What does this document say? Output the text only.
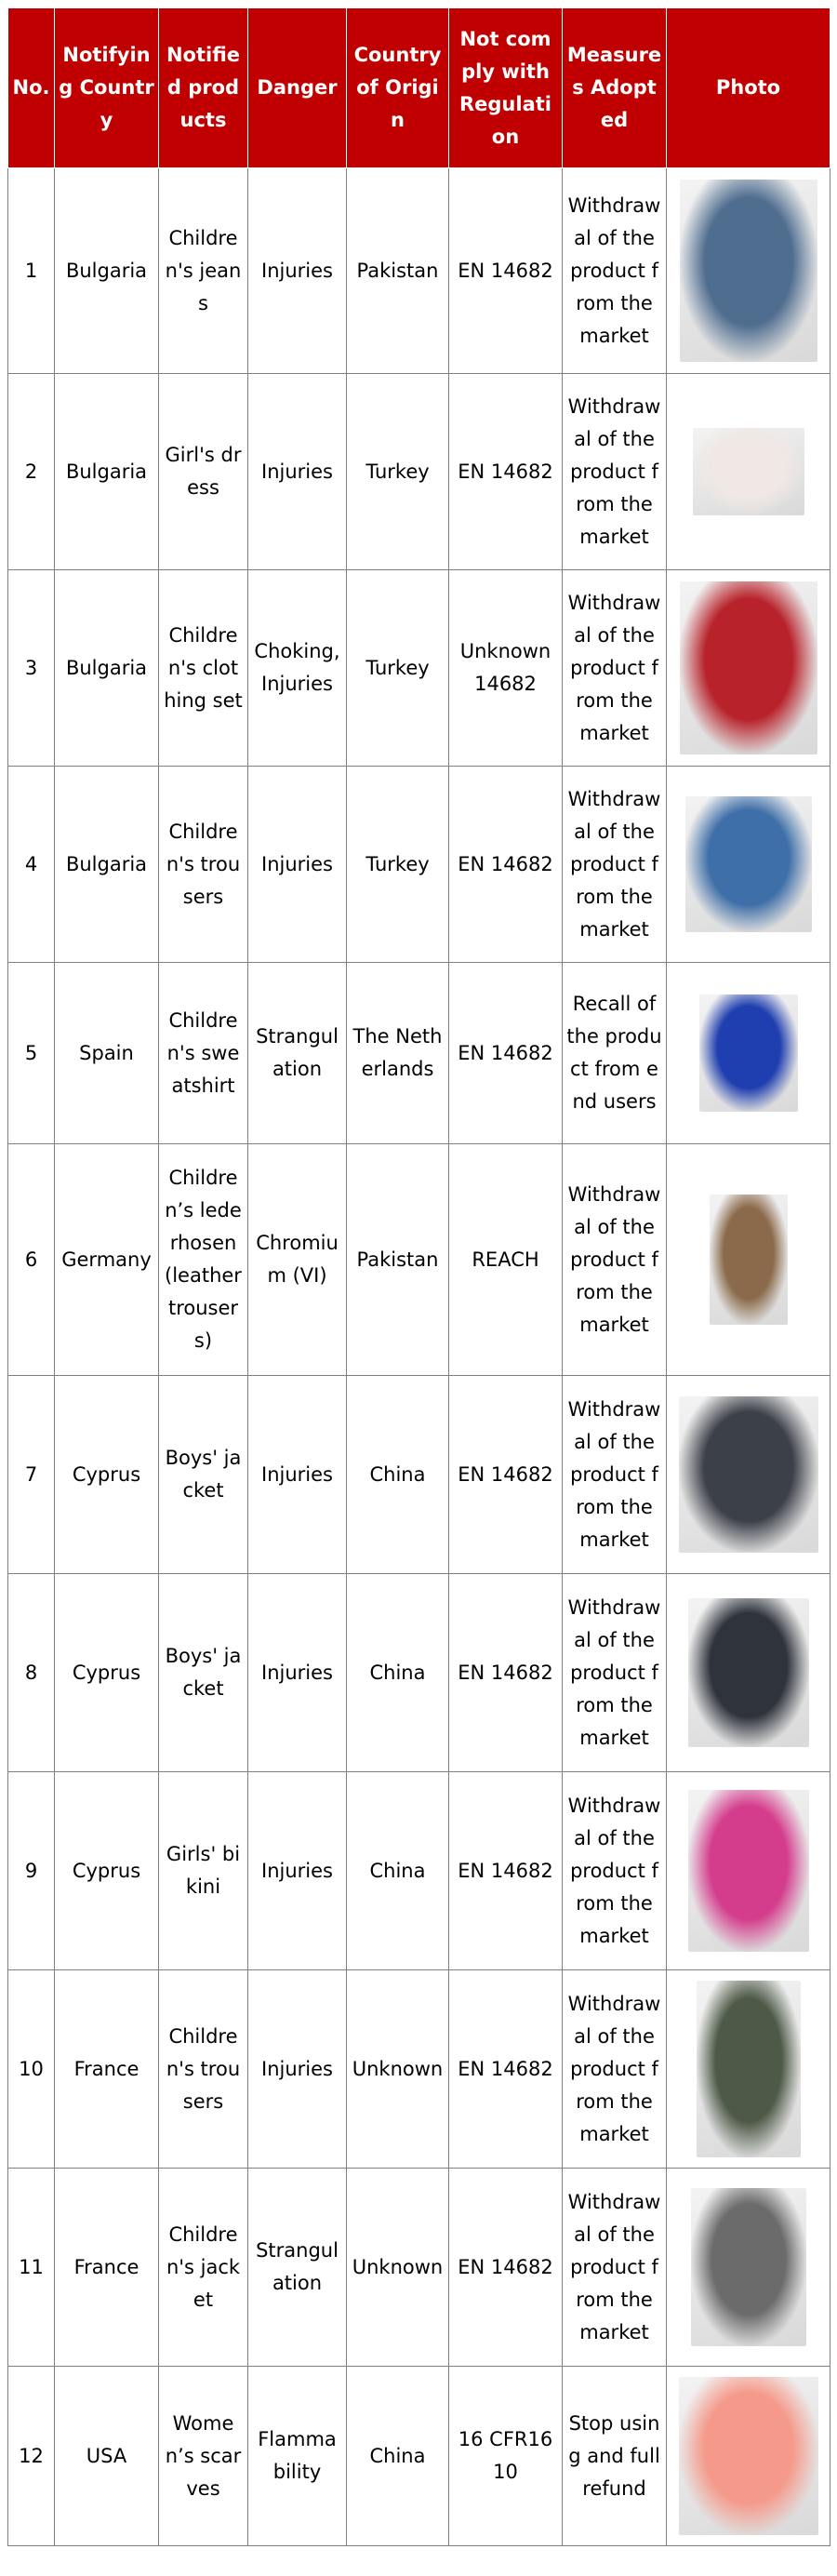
No.	Notifying Country	Notified products	Danger	Country of Origin	Not comply with Regulation	Measures Adopted	Photo
1	Bulgaria	Children's jeans	Injuries	Pakistan	EN 14682	Withdrawal of the product from the market	

2	Bulgaria	Girl's dress	Injuries	Turkey	EN 14682	Withdrawal of the product from the market	

3	Bulgaria	Children's clothing set	Choking, Injuries	Turkey	Unknown 14682	Withdrawal of the product from the market	

4	Bulgaria	Children's trousers	Injuries	Turkey	EN 14682	Withdrawal of the product from the market	

5	Spain	Children's sweatshirt	Strangulation	The Netherlands	EN 14682	Recall of the product from end users	

6	Germany	Children’s lederhosen (leather trousers)	Chromium (VI)	Pakistan	REACH	Withdrawal of the product from the market	

7	Cyprus	Boys' jacket	Injuries	China	EN 14682	Withdrawal of the product from the market	

8	Cyprus	Boys' jacket	Injuries	China	EN 14682	Withdrawal of the product from the market	

9	Cyprus	Girls' bikini	Injuries	China	EN 14682	Withdrawal of the product from the market	

10	France	Children's trousers	Injuries	Unknown	EN 14682	Withdrawal of the product from the market	

11	France	Children's jacket	Strangulation	Unknown	EN 14682	Withdrawal of the product from the market	

12	USA	Women’s scarves	Flammability	China	16 CFR1610	Stop using and full refund	
